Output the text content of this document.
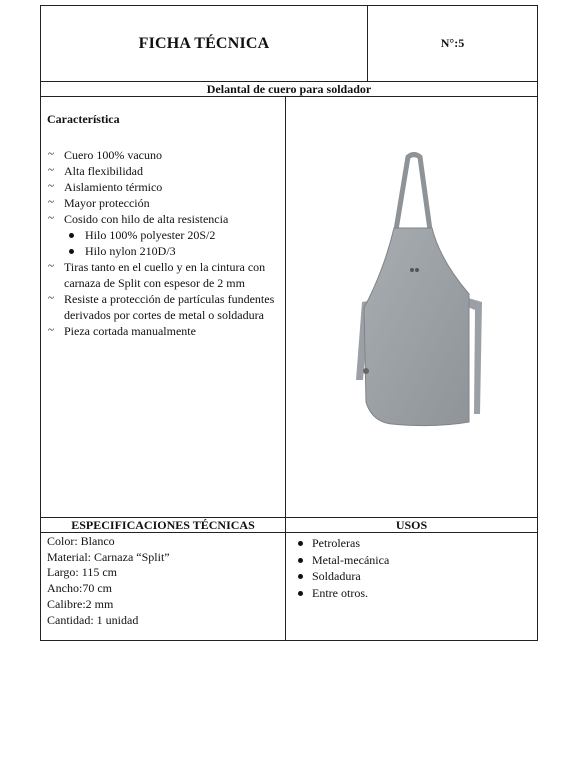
FICHA TÉCNICA	N°:5
Delantal de cuero para soldador
Característica
~ Cuero 100% vacuno
~ Alta flexibilidad
~ Aislamiento térmico
~ Mayor protección
~ Cosido con hilo de alta resistencia
Hilo 100% polyester 20S/2
Hilo nylon 210D/3
~ Tiras tanto en el cuello y en la cintura con carnaza de Split con espesor de 2 mm
~ Resiste a protección de partículas fundentes derivados por cortes de metal o soldadura
~ Pieza cortada manualmente
ESPECIFICACIONES TÉCNICAS	USOS
Color: Blanco
Material: Carnaza “Split”
Largo: 115 cm
Ancho:70 cm
Calibre:2 mm
Cantidad: 1 unidad
Petroleras
Metal-mecánica
Soldadura
Entre otros.
